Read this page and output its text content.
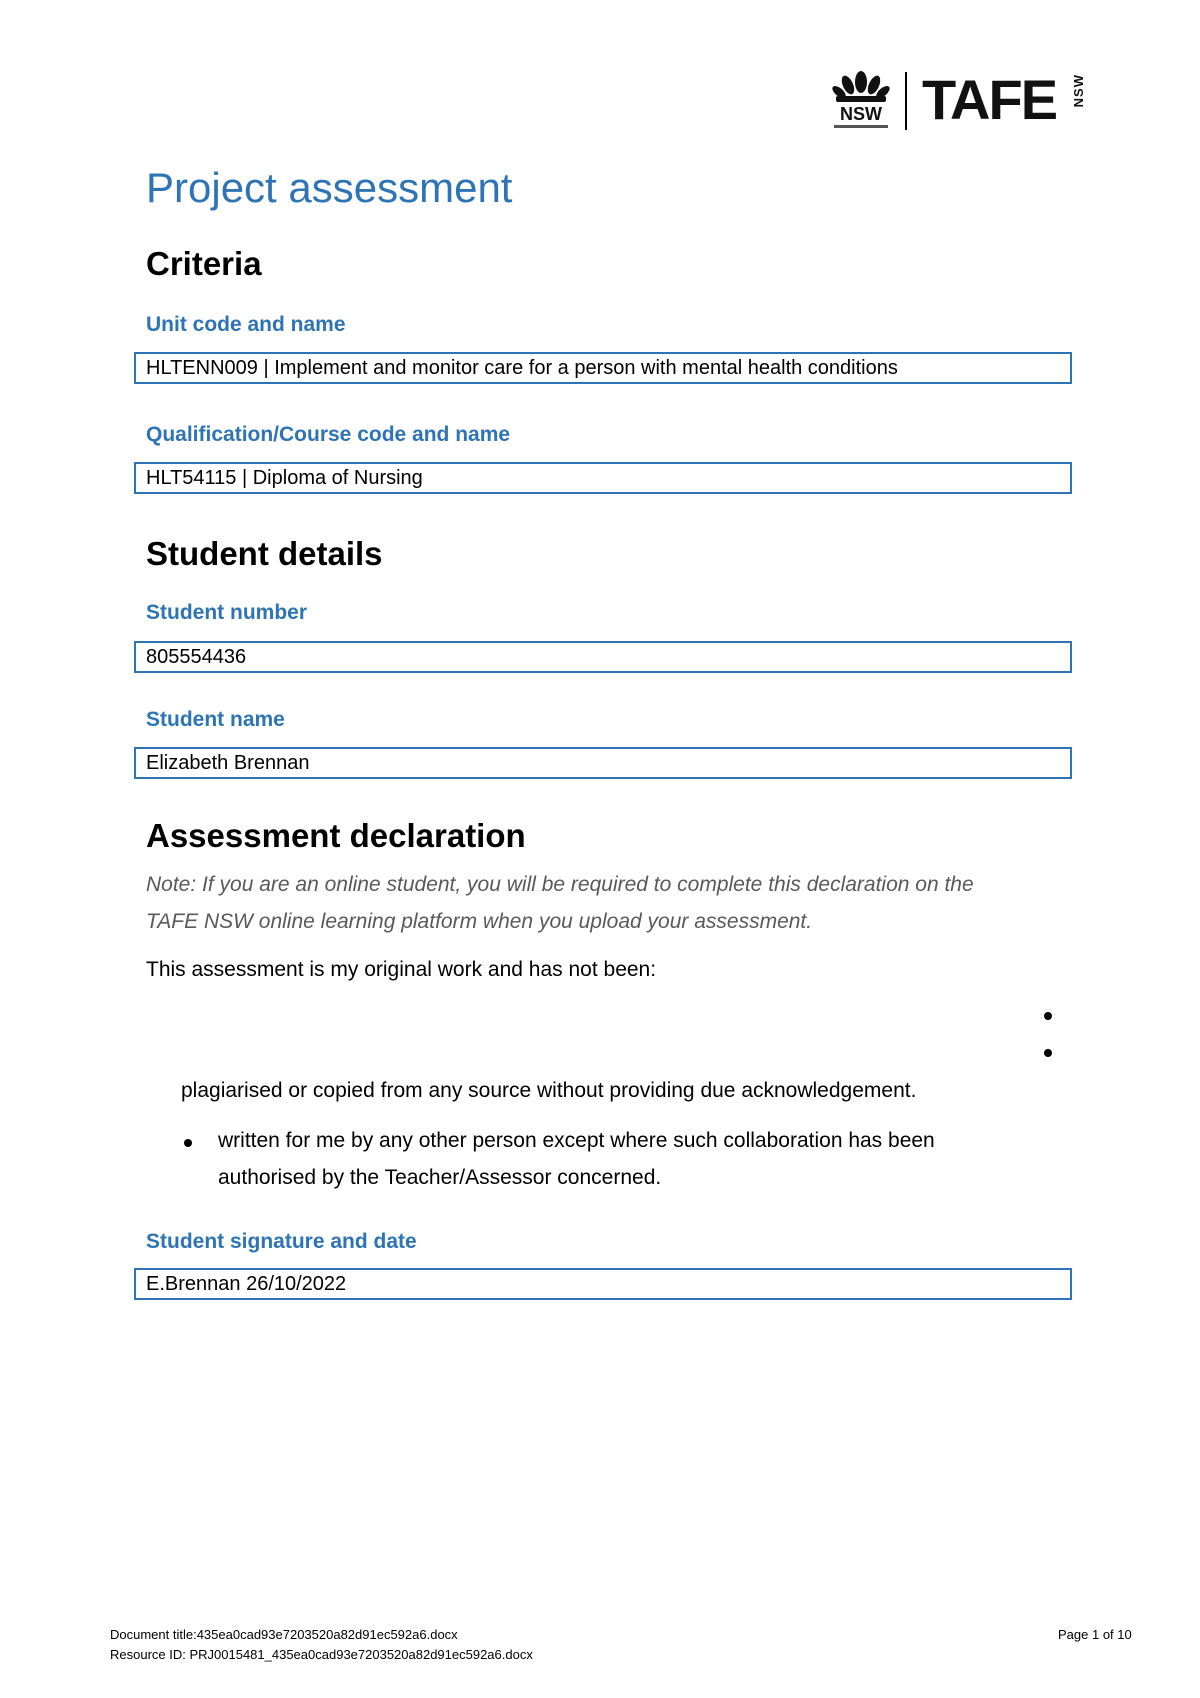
NSW TAFE NSW
Project assessment
Criteria
Unit code and name
HLTENN009 | Implement and monitor care for a person with mental health conditions
Qualification/Course code and name
HLT54115 | Diploma of Nursing
Student details
Student number
805554436
Student name
Elizabeth Brennan
Assessment declaration
Note: If you are an online student, you will be required to complete this declaration on the
TAFE NSW online learning platform when you upload your assessment.
This assessment is my original work and has not been:
plagiarised or copied from any source without providing due acknowledgement.
written for me by any other person except where such collaboration has been
authorised by the Teacher/Assessor concerned.
Student signature and date
E.Brennan 26/10/2022
Document title:435ea0cad93e7203520a82d91ec592a6.docx
Resource ID: PRJ0015481_435ea0cad93e7203520a82d91ec592a6.docx
Page 1 of 10
